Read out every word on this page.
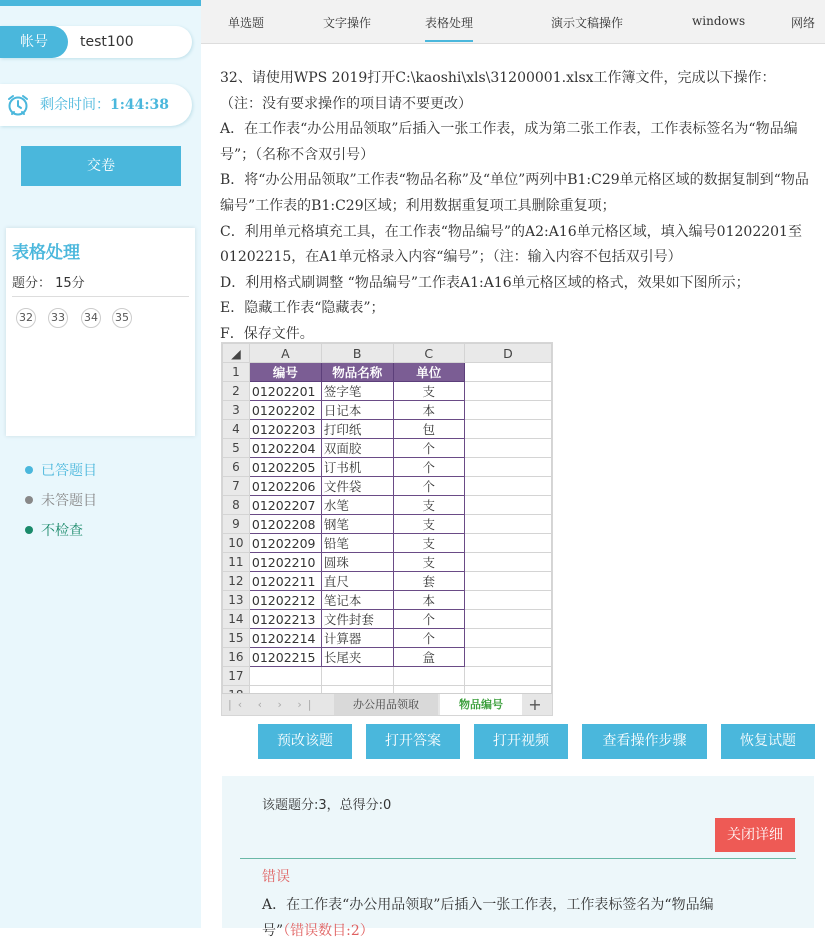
帐号	test100
剩余时间：1:44:38
交卷
表格处理
题分： 15分
32 33 34 35
已答题目
未答题目
不检查
单选题	文字操作	表格处理	演示文稿操作	windows	网络
32、请使用WPS 2019打开C:\kaoshi\xls\31200001.xlsx工作簿文件，完成以下操作：
（注：没有要求操作的项目请不要更改）
A．在工作表“办公用品领取”后插入一张工作表，成为第二张工作表，工作表标签名为“物品编号”；（名称不含双引号）
B．将“办公用品领取”工作表“物品名称”及“单位”两列中B1:C29单元格区域的数据复制到“物品编号”工作表的B1:C29区域；利用数据重复项工具删除重复项；
C．利用单元格填充工具，在工作表“物品编号”的A2:A16单元格区域，填入编号01202201至01202215，在A1单元格录入内容“编号”；（注：输入内容不包括双引号）
D．利用格式刷调整 “物品编号”工作表A1:A16单元格区域的格式，效果如下图所示；
E．隐藏工作表“隐藏表”；
F．保存文件。
◢	A	B	C	D
1	编号	物品名称	单位	
2	01202201	签字笔	支	
3	01202202	日记本	本	
4	01202203	打印纸	包	
5	01202204	双面胶	个	
6	01202205	订书机	个	
7	01202206	文件袋	个	
8	01202207	水笔	支	
9	01202208	钢笔	支	
10	01202209	铅笔	支	
11	01202210	圆珠	支	
12	01202211	直尺	套	
13	01202212	笔记本	本	
14	01202213	文件封套	个	
15	01202214	计算器	个	
16	01202215	长尾夹	盒	
17				

|‹ ‹ › ›|	办公用品领取	物品编号	+
预改该题	打开答案	打开视频	查看操作步骤	恢复试题
该题题分:3，总得分:0
关闭详细
错误
A．在工作表“办公用品领取”后插入一张工作表，工作表标签名为“物品编
号”（错误数目:2）
